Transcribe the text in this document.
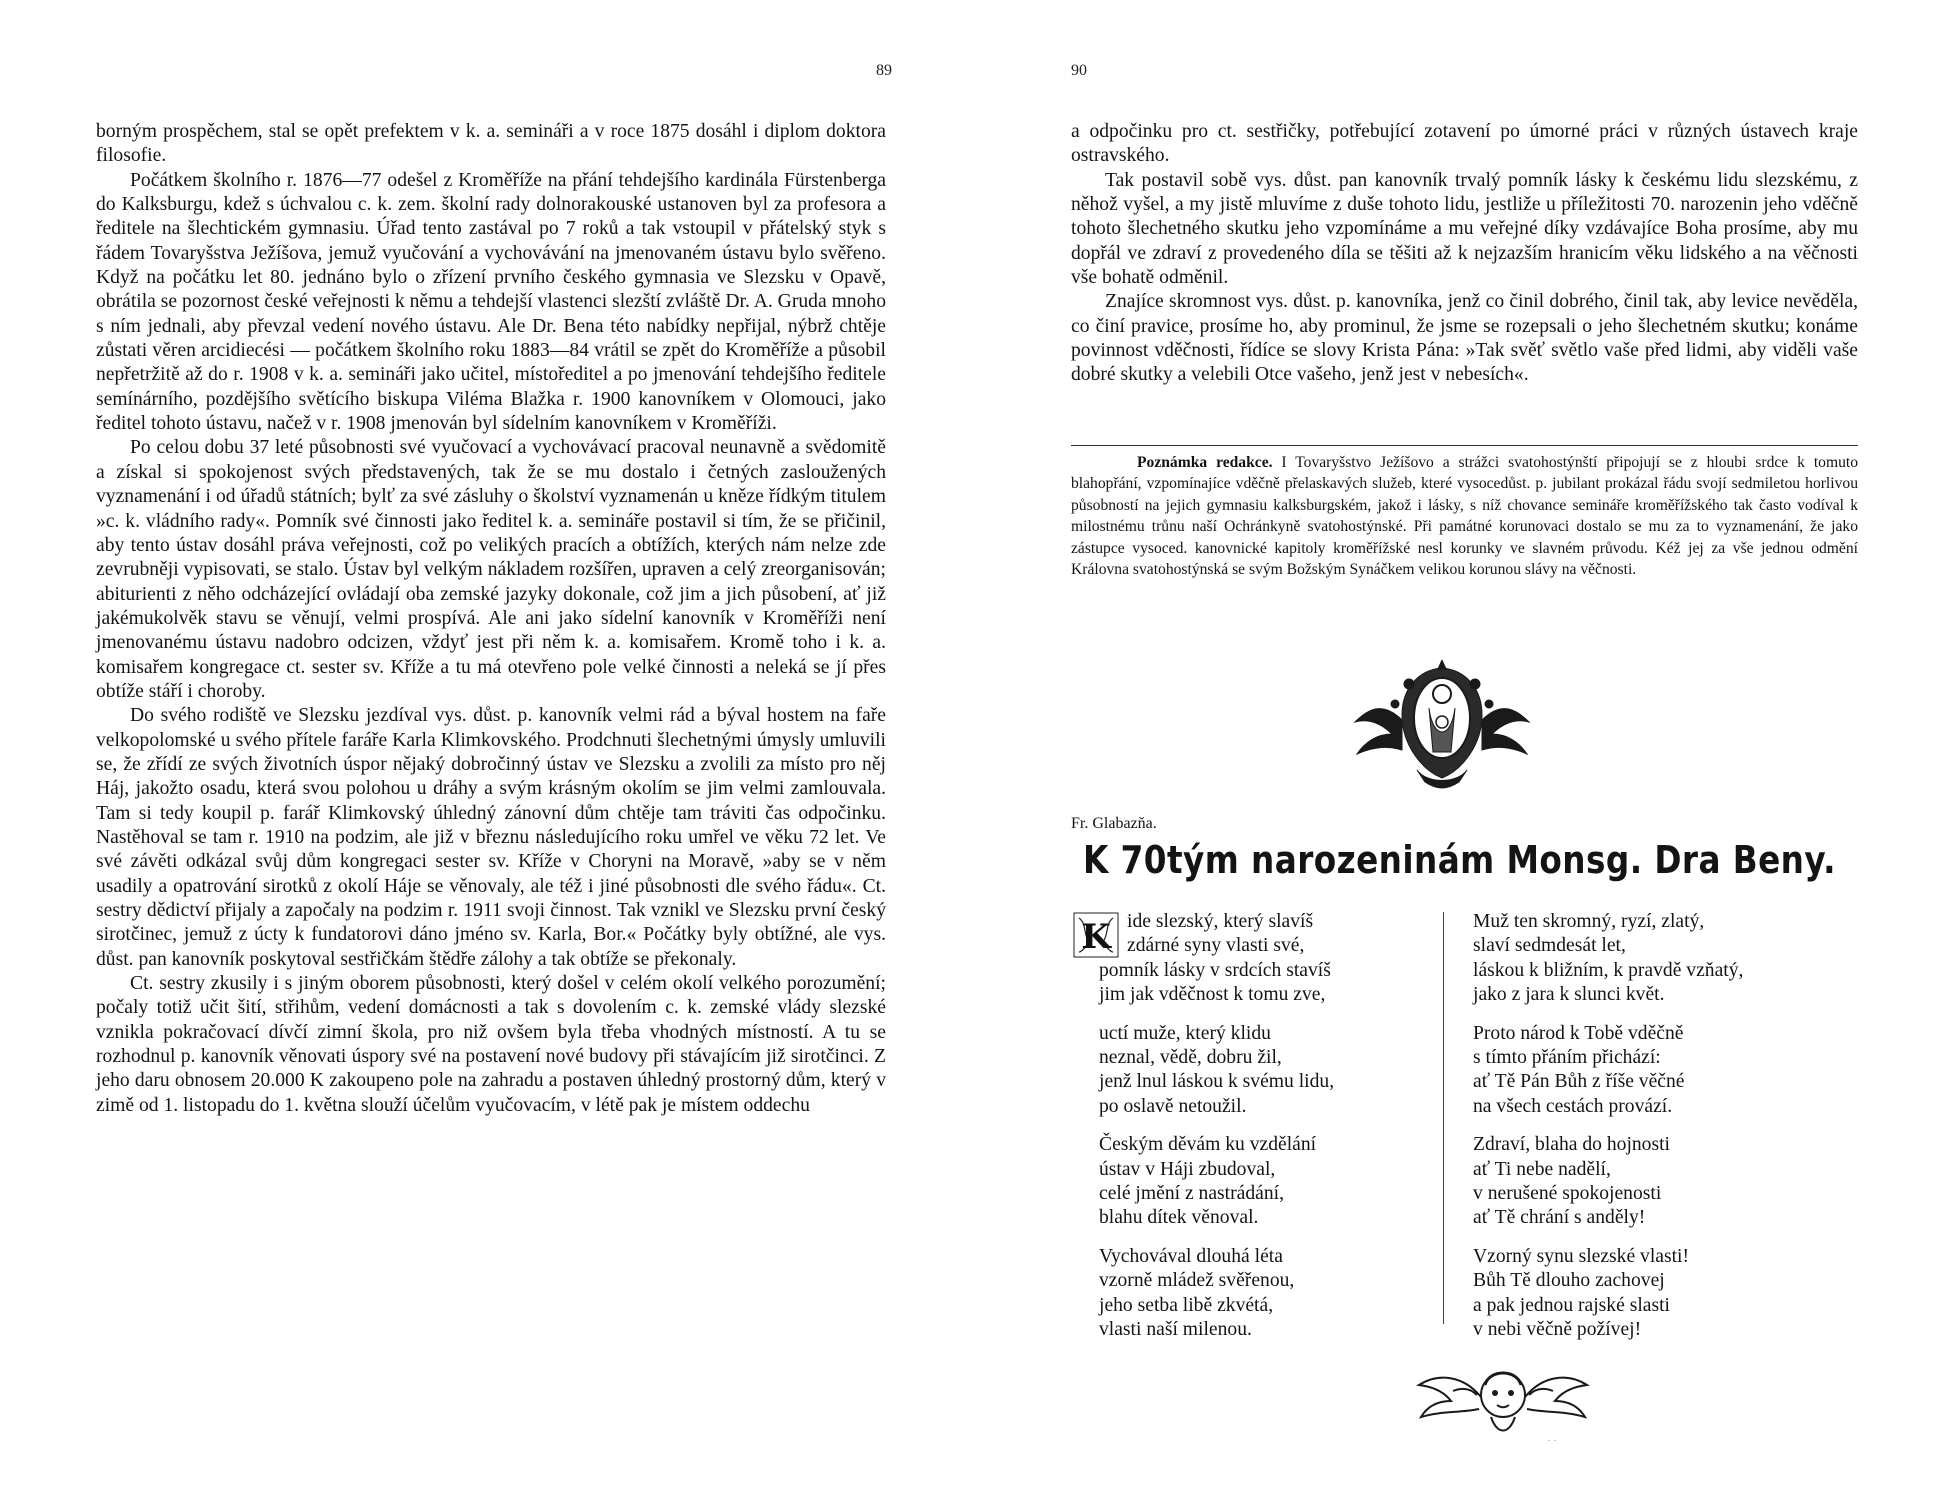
89

borným prospěchem, stal se opět prefektem v k. a. semináři a v roce 1875 dosáhl i diplom doktora filosofie.

Počátkem školního r. 1876—77 odešel z Kroměříže na přání tehdejšího kardinála Fürstenberga do Kalksburgu, kdež s úchvalou c. k. zem. školní rady dolnorakouské ustanoven byl za profesora a ředitele na šlechtickém gymnasiu. Úřad tento zastával po 7 roků a tak vstoupil v přátelský styk s řádem Tovaryšstva Ježíšova, jemuž vyučování a vychovávání na jmenovaném ústavu bylo svěřeno. Když na počátku let 80. jednáno bylo o zřízení prvního českého gymnasia ve Slezsku v Opavě, obrátila se pozornost české veřejnosti k němu a tehdejší vlastenci slezští zvláště Dr. A. Gruda mnoho s ním jednali, aby převzal vedení nového ústavu. Ale Dr. Bena této nabídky nepřijal, nýbrž chtěje zůstati věren arcidiecési — počátkem školního roku 1883—84 vrátil se zpět do Kroměříže a působil nepřetržitě až do r. 1908 v k. a. semináři jako učitel, místoředitel a po jmenování tehdejšího ředitele semínárního, pozdějšího světícího biskupa Viléma Blažka r. 1900 kanovníkem v Olomouci, jako ředitel tohoto ústavu, načež v r. 1908 jmenován byl sídelním kanovníkem v Kroměříži.

Po celou dobu 37 leté působnosti své vyučovací a vychovávací pracoval neunavně a svědomitě a získal si spokojenost svých představených, tak že se mu dostalo i četných zasloužených vyznamenání i od úřadů státních; bylť za své zásluhy o školství vyznamenán u kněze řídkým titulem »c. k. vládního rady«. Pomník své činnosti jako ředitel k. a. semináře postavil si tím, že se přičinil, aby tento ústav dosáhl práva veřejnosti, což po velikých pracích a obtížích, kterých nám nelze zde zevrubněji vypisovati, se stalo. Ústav byl velkým nákladem rozšířen, upraven a celý zreorganisován; abiturienti z něho odcházející ovládají oba zemské jazyky dokonale, což jim a jich působení, ať již jakémukolvěk stavu se věnují, velmi prospívá. Ale ani jako sídelní kanovník v Kroměříži není jmenovanému ústavu nadobro odcizen, vždyť jest při něm k. a. komisařem. Kromě toho i k. a. komisařem kongregace ct. sester sv. Kříže a tu má otevřeno pole velké činnosti a neleká se jí přes obtíže stáří i choroby.

Do svého rodiště ve Slezsku jezdíval vys. důst. p. kanovník velmi rád a býval hostem na faře velkopolomské u svého přítele faráře Karla Klimkovského. Prodchnuti šlechetnými úmysly umluvili se, že zřídí ze svých životních úspor nějaký dobročinný ústav ve Slezsku a zvolili za místo pro něj Háj, jakožto osadu, která svou polohou u dráhy a svým krásným okolím se jim velmi zamlouvala. Tam si tedy koupil p. farář Klimkovský úhledný zánovní dům chtěje tam tráviti čas odpočinku. Nastěhoval se tam r. 1910 na podzim, ale již v březnu následujícího roku umřel ve věku 72 let. Ve své závěti odkázal svůj dům kongregaci sester sv. Kříže v Choryni na Moravě, »aby se v něm usadily a opatrování sirotků z okolí Háje se věnovaly, ale též i jiné působnosti dle svého řádu«. Ct. sestry dědictví přijaly a započaly na podzim r. 1911 svoji činnost. Tak vznikl ve Slezsku první český sirotčinec, jemuž z úcty k fundatorovi dáno jméno sv. Karla, Bor.« Počátky byly obtížné, ale vys. důst. pan kanovník poskytoval sestřičkám štědře zálohy a tak obtíže se překonaly.

Ct. sestry zkusily i s jiným oborem působnosti, který došel v celém okolí velkého porozumění; počaly totiž učit šití, střihům, vedení domácnosti a tak s dovolením c. k. zemské vlády slezské vznikla pokračovací dívčí zimní škola, pro niž ovšem byla třeba vhodných místností. A tu se rozhodnul p. kanovník věnovati úspory své na postavení nové budovy při stávajícím již sirotčinci. Z jeho daru obnosem 20.000 K zakoupeno pole na zahradu a postaven úhledný prostorný dům, který v zimě od 1. listopadu do 1. května slouží účelům vyučovacím, v létě pak je místem oddechu

90

a odpočinku pro ct. sestřičky, potřebující zotavení po úmorné práci v různých ústavech kraje ostravského.

Tak postavil sobě vys. důst. pan kanovník trvalý pomník lásky k českému lidu slezskému, z něhož vyšel, a my jistě mluvíme z duše tohoto lidu, jestliže u příležitosti 70. narozenin jeho vděčně tohoto šlechetného skutku jeho vzpomínáme a mu veřejné díky vzdávajíce Boha prosíme, aby mu dopřál ve zdraví z provedeného díla se těšiti až k nejzazším hranicím věku lidského a na věčnosti vše bohatě odměnil.

Znajíce skromnost vys. důst. p. kanovníka, jenž co činil dobrého, činil tak, aby levice nevěděla, co činí pravice, prosíme ho, aby prominul, že jsme se rozepsali o jeho šlechetném skutku; konáme povinnost vděčnosti, řídíce se slovy Krista Pána: »Tak svěť světlo vaše před lidmi, aby viděli vaše dobré skutky a velebili Otce vašeho, jenž jest v nebesích«.

Poznámka redakce. I Tovaryšstvo Ježíšovo a strážci svatohostýnští připojují se z hloubi srdce k tomuto blahopřání, vzpomínajíce vděčně přelaskavých služeb, které vysocedůst. p. jubilant prokázal řádu svojí sedmiletou horlivou působností na jejich gymnasiu kalksburgském, jakož i lásky, s níž chovance semináře kroměřížského tak často vodíval k milostnému trůnu naší Ochránkyně svatohostýnské. Při památné korunovaci dostalo se mu za to vyznamenání, že jako zástupce vysoced. kanovnické kapitoly kroměřížské nesl korunky ve slavném průvodu. Kéž jej za vše jednou odmění Královna svatohostýnská se svým Božským Synáčkem velikou korunou slávy na věčnosti.
Fr. Glabazňa.
K 70tým narozeninám Monsg. Dra Beny.
K ide slezský, který slavíš
zdárné syny vlasti své,
pomník lásky v srdcích stavíš
jim jak vděčnost k tomu zve,
uctí muže, který klidu
neznal, vědě, dobru žil,
jenž lnul láskou k svému lidu,
po oslavě netoužil.
Českým děvám ku vzdělání
ústav v Háji zbudoval,
celé jmění z nastrádání,
blahu dítek věnoval.
Vychovával dlouhá léta
vzorně mládež svěřenou,
jeho setba libě zkvétá,
vlasti naší milenou.
Muž ten skromný, ryzí, zlatý,
slaví sedmdesát let,
láskou k bližním, k pravdě vzňatý,
jako z jara k slunci květ.
Proto národ k Tobě vděčně
s tímto přáním přichází:
ať Tě Pán Bůh z říše věčné
na všech cestách provází.
Zdraví, blaha do hojnosti
ať Ti nebe nadělí,
v nerušené spokojenosti
ať Tě chrání s anděly!
Vzorný synu slezské vlasti!
Bůh Tě dlouho zachovej
a pak jednou rajské slasti
v nebi věčně požívej!
· ·
